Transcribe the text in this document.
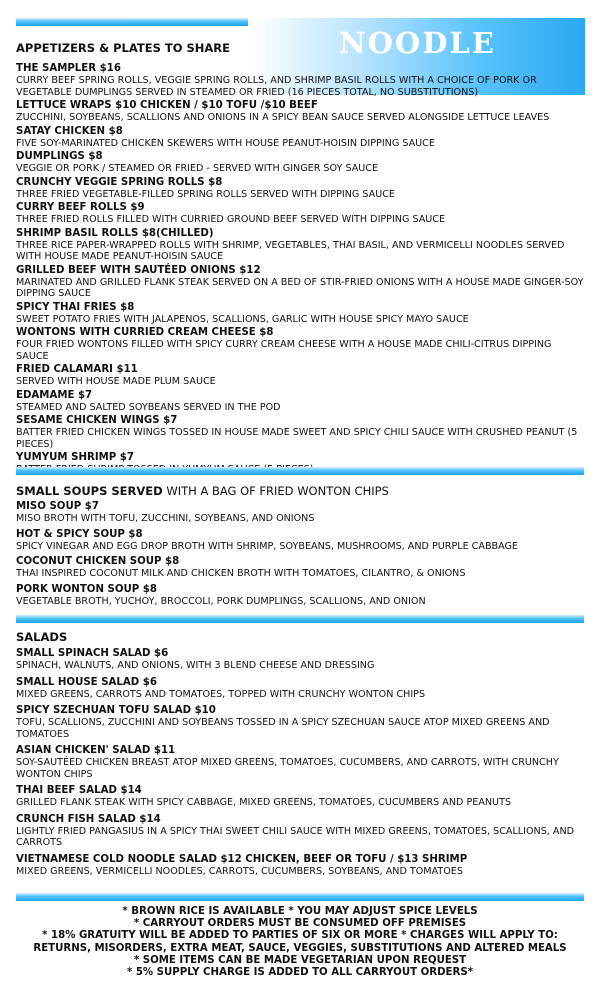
NOODLE
APPETIZERS & PLATES TO SHARE
THE SAMPLER $16
CURRY BEEF SPRING ROLLS, VEGGIE SPRING ROLLS, AND SHRIMP BASIL ROLLS WITH A CHOICE OF PORK OR VEGETABLE DUMPLINGS SERVED IN STEAMED OR FRIED (16 PIECES TOTAL, NO SUBSTITUTIONS)
LETTUCE WRAPS $10 CHICKEN / $10 TOFU /$10 BEEF
ZUCCHINI, SOYBEANS, SCALLIONS AND ONIONS IN A SPICY BEAN SAUCE SERVED ALONGSIDE LETTUCE LEAVES
SATAY CHICKEN $8
FIVE SOY-MARINATED CHICKEN SKEWERS WITH HOUSE PEANUT-HOISIN DIPPING SAUCE
DUMPLINGS $8
VEGGIE OR PORK / STEAMED OR FRIED - SERVED WITH GINGER SOY SAUCE
CRUNCHY VEGGIE SPRING ROLLS $8
THREE FRIED VEGETABLE-FILLED SPRING ROLLS SERVED WITH DIPPING SAUCE
CURRY BEEF ROLLS $9
THREE FRIED ROLLS FILLED WITH CURRIED GROUND BEEF SERVED WITH DIPPING SAUCE
SHRIMP BASIL ROLLS $8(CHILLED)
THREE RICE PAPER-WRAPPED ROLLS WITH SHRIMP, VEGETABLES, THAI BASIL, AND VERMICELLI NOODLES SERVED WITH HOUSE MADE PEANUT-HOISIN SAUCE
GRILLED BEEF WITH SAUTÉED ONIONS $12
MARINATED AND GRILLED FLANK STEAK SERVED ON A BED OF STIR-FRIED ONIONS WITH A HOUSE MADE GINGER-SOY DIPPING SAUCE
SPICY THAI FRIES $8
SWEET POTATO FRIES WITH JALAPENOS, SCALLIONS, GARLIC WITH HOUSE SPICY MAYO SAUCE
WONTONS WITH CURRIED CREAM CHEESE $8
FOUR FRIED WONTONS FILLED WITH SPICY CURRY CREAM CHEESE WITH A HOUSE MADE CHILI-CITRUS DIPPING SAUCE
FRIED CALAMARI $11
SERVED WITH HOUSE MADE PLUM SAUCE
EDAMAME $7
STEAMED AND SALTED SOYBEANS SERVED IN THE POD
SESAME CHICKEN WINGS $7
BATTER FRIED CHICKEN WINGS TOSSED IN HOUSE MADE SWEET AND SPICY CHILI SAUCE WITH CRUSHED PEANUT (5 PIECES)
YUMYUM SHRIMP $7
SMALL SOUPS SERVED WITH A BAG OF FRIED WONTON CHIPS
MISO SOUP $7
MISO BROTH WITH TOFU, ZUCCHINI, SOYBEANS, AND ONIONS
HOT & SPICY SOUP $8
SPICY VINEGAR AND EGG DROP BROTH WITH SHRIMP, SOYBEANS, MUSHROOMS, AND PURPLE CABBAGE
COCONUT CHICKEN SOUP $8
THAI INSPIRED COCONUT MILK AND CHICKEN BROTH WITH TOMATOES, CILANTRO, & ONIONS
PORK WONTON SOUP $8
VEGETABLE BROTH, YUCHOY, BROCCOLI, PORK DUMPLINGS, SCALLIONS, AND ONION
SALADS
SMALL SPINACH SALAD $6
SPINACH, WALNUTS, AND ONIONS, WITH 3 BLEND CHEESE AND DRESSING
SMALL HOUSE SALAD $6
MIXED GREENS, CARROTS AND TOMATOES, TOPPED WITH CRUNCHY WONTON CHIPS
SPICY SZECHUAN TOFU SALAD $10
TOFU, SCALLIONS, ZUCCHINI AND SOYBEANS TOSSED IN A SPICY SZECHUAN SAUCE ATOP MIXED GREENS AND TOMATOES
ASIAN CHICKEN' SALAD $11
SOY-SAUTÉED CHICKEN BREAST ATOP MIXED GREENS, TOMATOES, CUCUMBERS, AND CARROTS, WITH CRUNCHY WONTON CHIPS
THAI BEEF SALAD $14
GRILLED FLANK STEAK WITH SPICY CABBAGE, MIXED GREENS, TOMATOES, CUCUMBERS AND PEANUTS
CRUNCH FISH SALAD $14
LIGHTLY FRIED PANGASIUS IN A SPICY THAI SWEET CHILI SAUCE WITH MIXED GREENS, TOMATOES, SCALLIONS, AND CARROTS
VIETNAMESE COLD NOODLE SALAD $12 CHICKEN, BEEF OR TOFU / $13 SHRIMP
MIXED GREENS, VERMICELLI NOODLES, CARROTS, CUCUMBERS, SOYBEANS, AND TOMATOES
* BROWN RICE IS AVAILABLE * YOU MAY ADJUST SPICE LEVELS
* CARRYOUT ORDERS MUST BE CONSUMED OFF PREMISES
* 18% GRATUITY WILL BE ADDED TO PARTIES OF SIX OR MORE * CHARGES WILL APPLY TO:
RETURNS, MISORDERS, EXTRA MEAT, SAUCE, VEGGIES, SUBSTITUTIONS AND ALTERED MEALS
* SOME ITEMS CAN BE MADE VEGETARIAN UPON REQUEST
* 5% SUPPLY CHARGE IS ADDED TO ALL CARRYOUT ORDERS*
